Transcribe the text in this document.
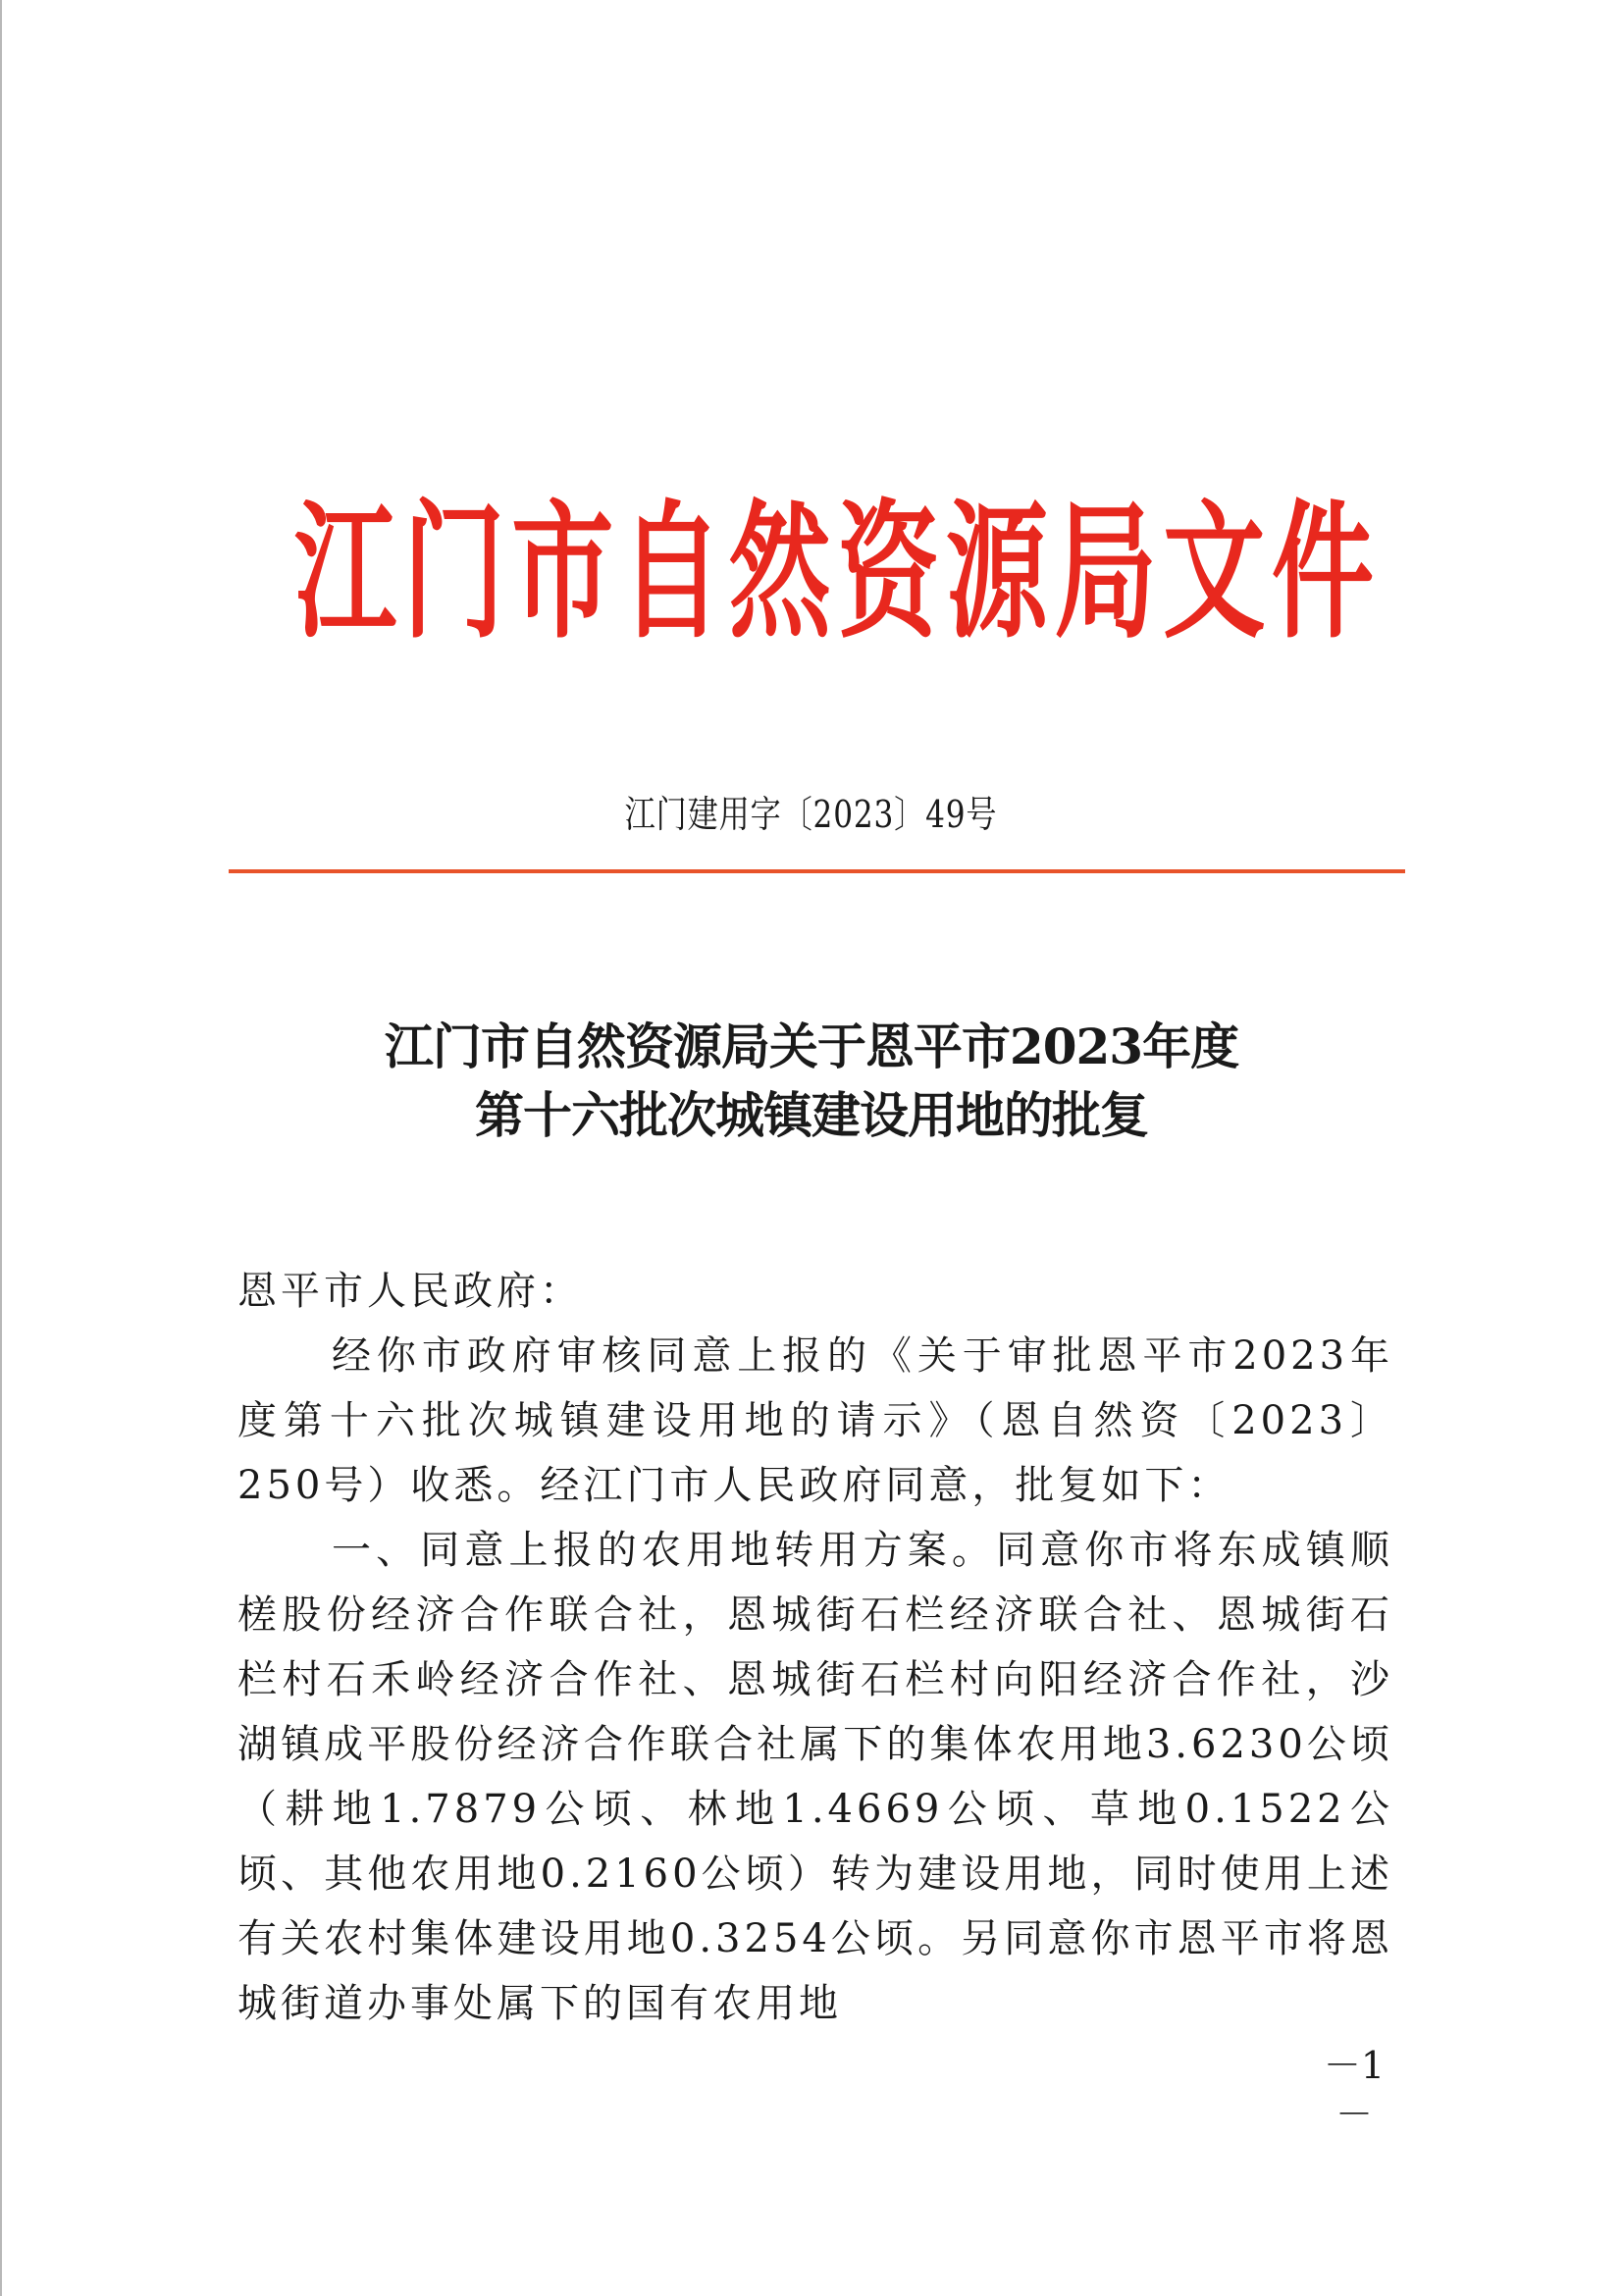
江 门 市 自 然 资 源 局 文 件
江门建用字〔2023〕49号
江门市自然资源局关于恩平市2023年度
第十六批次城镇建设用地的批复

恩平市人民政府：

经你市政府审核同意上报的《关于审批恩平市2023年度第十六批次城镇建设用地的请示》（恩自然资〔2023〕250号）收悉。经江门市人民政府同意，批复如下：

一、同意上报的农用地转用方案。同意你市将东成镇顺槎股份经济合作联合社，恩城街石栏经济联合社、恩城街石栏村石禾岭经济合作社、恩城街石栏村向阳经济合作社，沙湖镇成平股份经济合作联合社属下的集体农用地3.6230公顷（耕地1.7879公顷、林地1.4669公顷、草地0.1522公顷、其他农用地0.2160公顷）转为建设用地，同时使用上述有关农村集体建设用地0.3254公顷。另同意你市恩平市将恩城街道办事处属下的国有农用地

－1－
